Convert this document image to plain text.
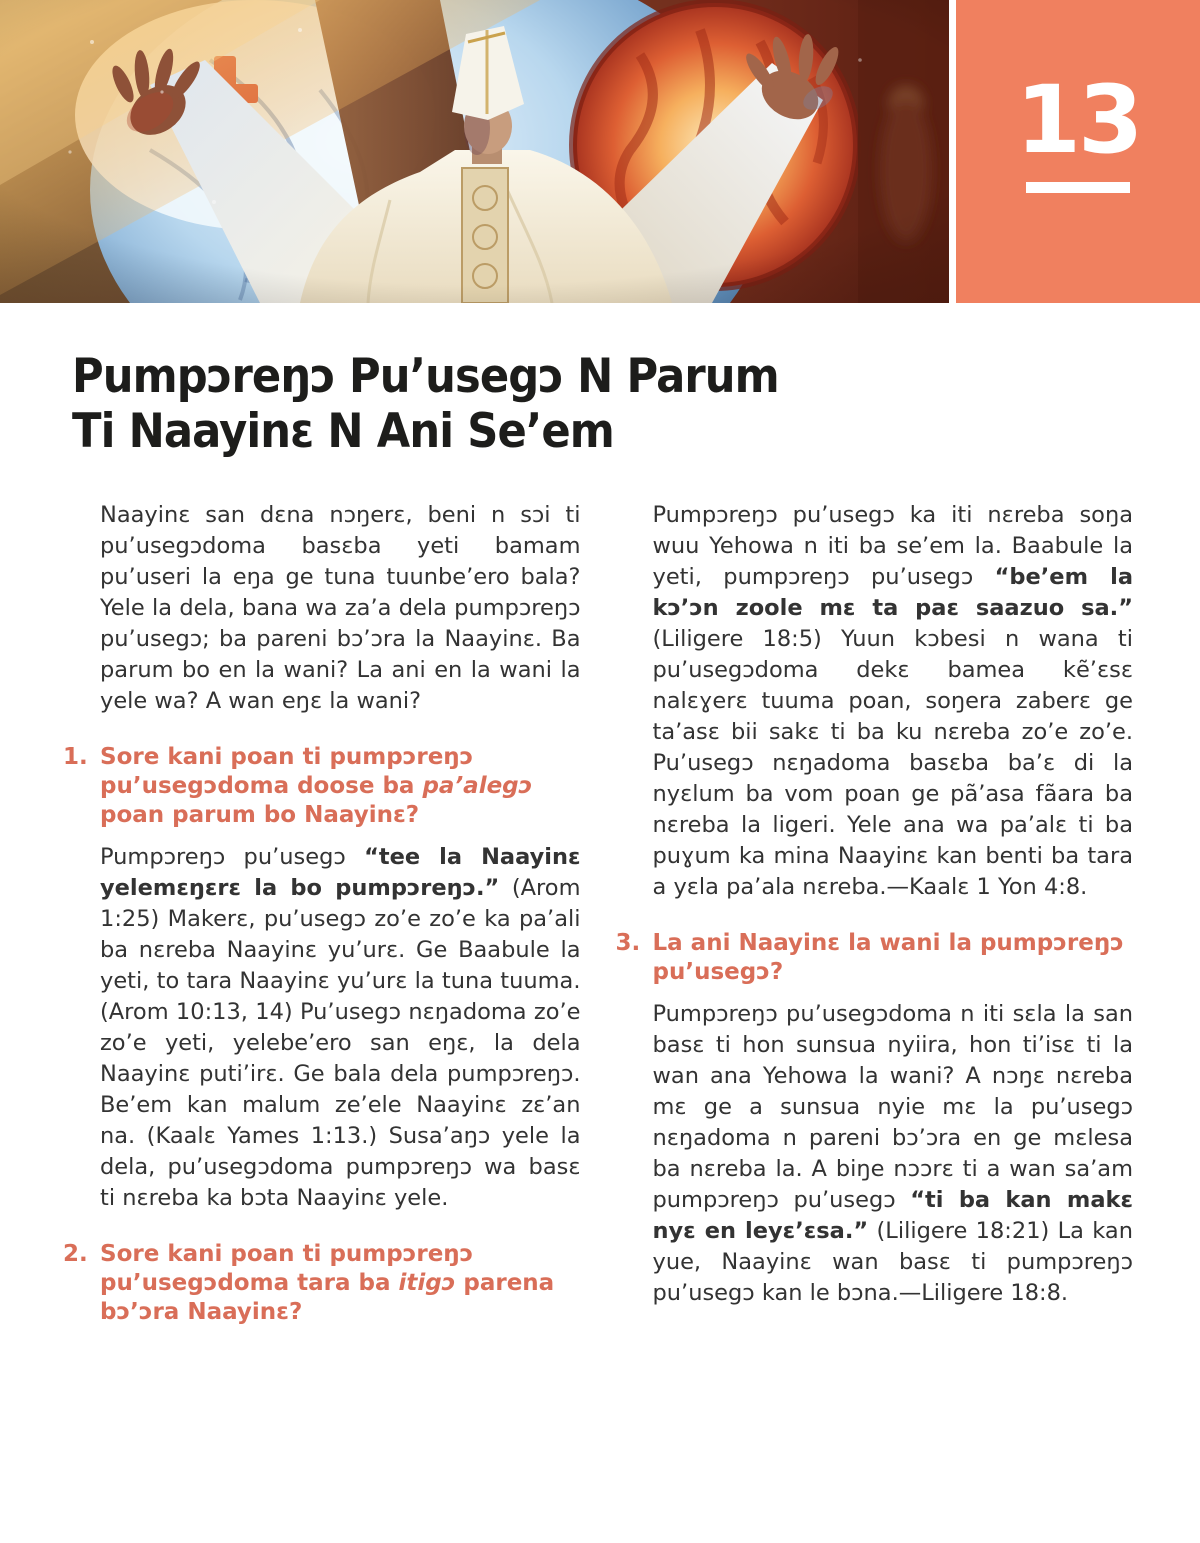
13
Pumpɔreŋɔ Pu’usegɔ N Parum
Ti Naayinɛ N Ani Se’em

Naayinɛ san dɛna nɔŋerɛ, beni n sɔi ti pu’usegɔdoma basɛba yeti bamam pu’useri la eŋa ge tuna tuunbe’ero bala? Yele la dela, bana wa za’a dela pumpɔreŋɔ pu’usegɔ; ba pareni bɔ’ɔra la Naayinɛ. Ba parum bo en la wani? La ani en la wani la yele wa? A wan eŋɛ la wani?

1. Sore kani poan ti pumpɔreŋɔ pu’usegɔdoma doose ba pa’alegɔ poan parum bo Naayinɛ?

Pumpɔreŋɔ pu’usegɔ “tee la Naayinɛ yelemɛŋɛrɛ la bo pumpɔreŋɔ.” (Arom 1:25) Makerɛ, pu’usegɔ zo’e zo’e ka pa’ali ba nɛreba Naayinɛ yu’urɛ. Ge Baabule la yeti, to tara Naayinɛ yu’urɛ la tuna tuuma. (Arom 10:13, 14) Pu’usegɔ nɛŋadoma zo’e zo’e yeti, yelebe’ero san eŋɛ, la dela Naayinɛ puti’irɛ. Ge bala dela pumpɔreŋɔ. Be’em kan malum ze’ele Naayinɛ zɛ’an na. (Kaalɛ Yames 1:13.) Susa’aŋɔ yele la dela, pu’usegɔdoma pumpɔreŋɔ wa basɛ ti nɛreba ka bɔta Naayinɛ yele.

2. Sore kani poan ti pumpɔreŋɔ pu’usegɔdoma tara ba itigɔ parena bɔ’ɔra Naayinɛ?

Pumpɔreŋɔ pu’usegɔ ka iti nɛreba soŋa wuu Yehowa n iti ba se’em la. Baabule la yeti, pumpɔreŋɔ pu’usegɔ “be’em la kɔ’ɔn zoole mɛ ta paɛ saazuo sa.” (Liligere 18:5) Yuun kɔbesi n wana ti pu’usegɔdoma dekɛ bamea kẽ’ɛsɛ nalɛɣerɛ tuuma poan, soŋera zaberɛ ge ta’asɛ bii sakɛ ti ba ku nɛreba zo’e zo’e. Pu’usegɔ nɛŋadoma basɛba ba’ɛ di la nyɛlum ba vom poan ge pã’asa fãara ba nɛreba la ligeri. Yele ana wa pa’alɛ ti ba puɣum ka mina Naayinɛ kan benti ba tara a yɛla pa’ala nɛreba.—Kaalɛ 1 Yon 4:8.

3. La ani Naayinɛ la wani la pumpɔreŋɔ pu’usegɔ?

Pumpɔreŋɔ pu’usegɔdoma n iti sɛla la san basɛ ti hon sunsua nyiira, hon ti’isɛ ti la wan ana Yehowa la wani? A nɔŋɛ nɛreba mɛ ge a sunsua nyie mɛ la pu’usegɔ nɛŋadoma n pareni bɔ’ɔra en ge mɛlesa ba nɛreba la. A biŋe nɔɔrɛ ti a wan sa’am pumpɔreŋɔ pu’usegɔ “ti ba kan makɛ nyɛ en leyɛ’ɛsa.” (Liligere 18:21) La kan yue, Naayinɛ wan basɛ ti pumpɔreŋɔ pu’usegɔ kan le bɔna.—Liligere 18:8.
